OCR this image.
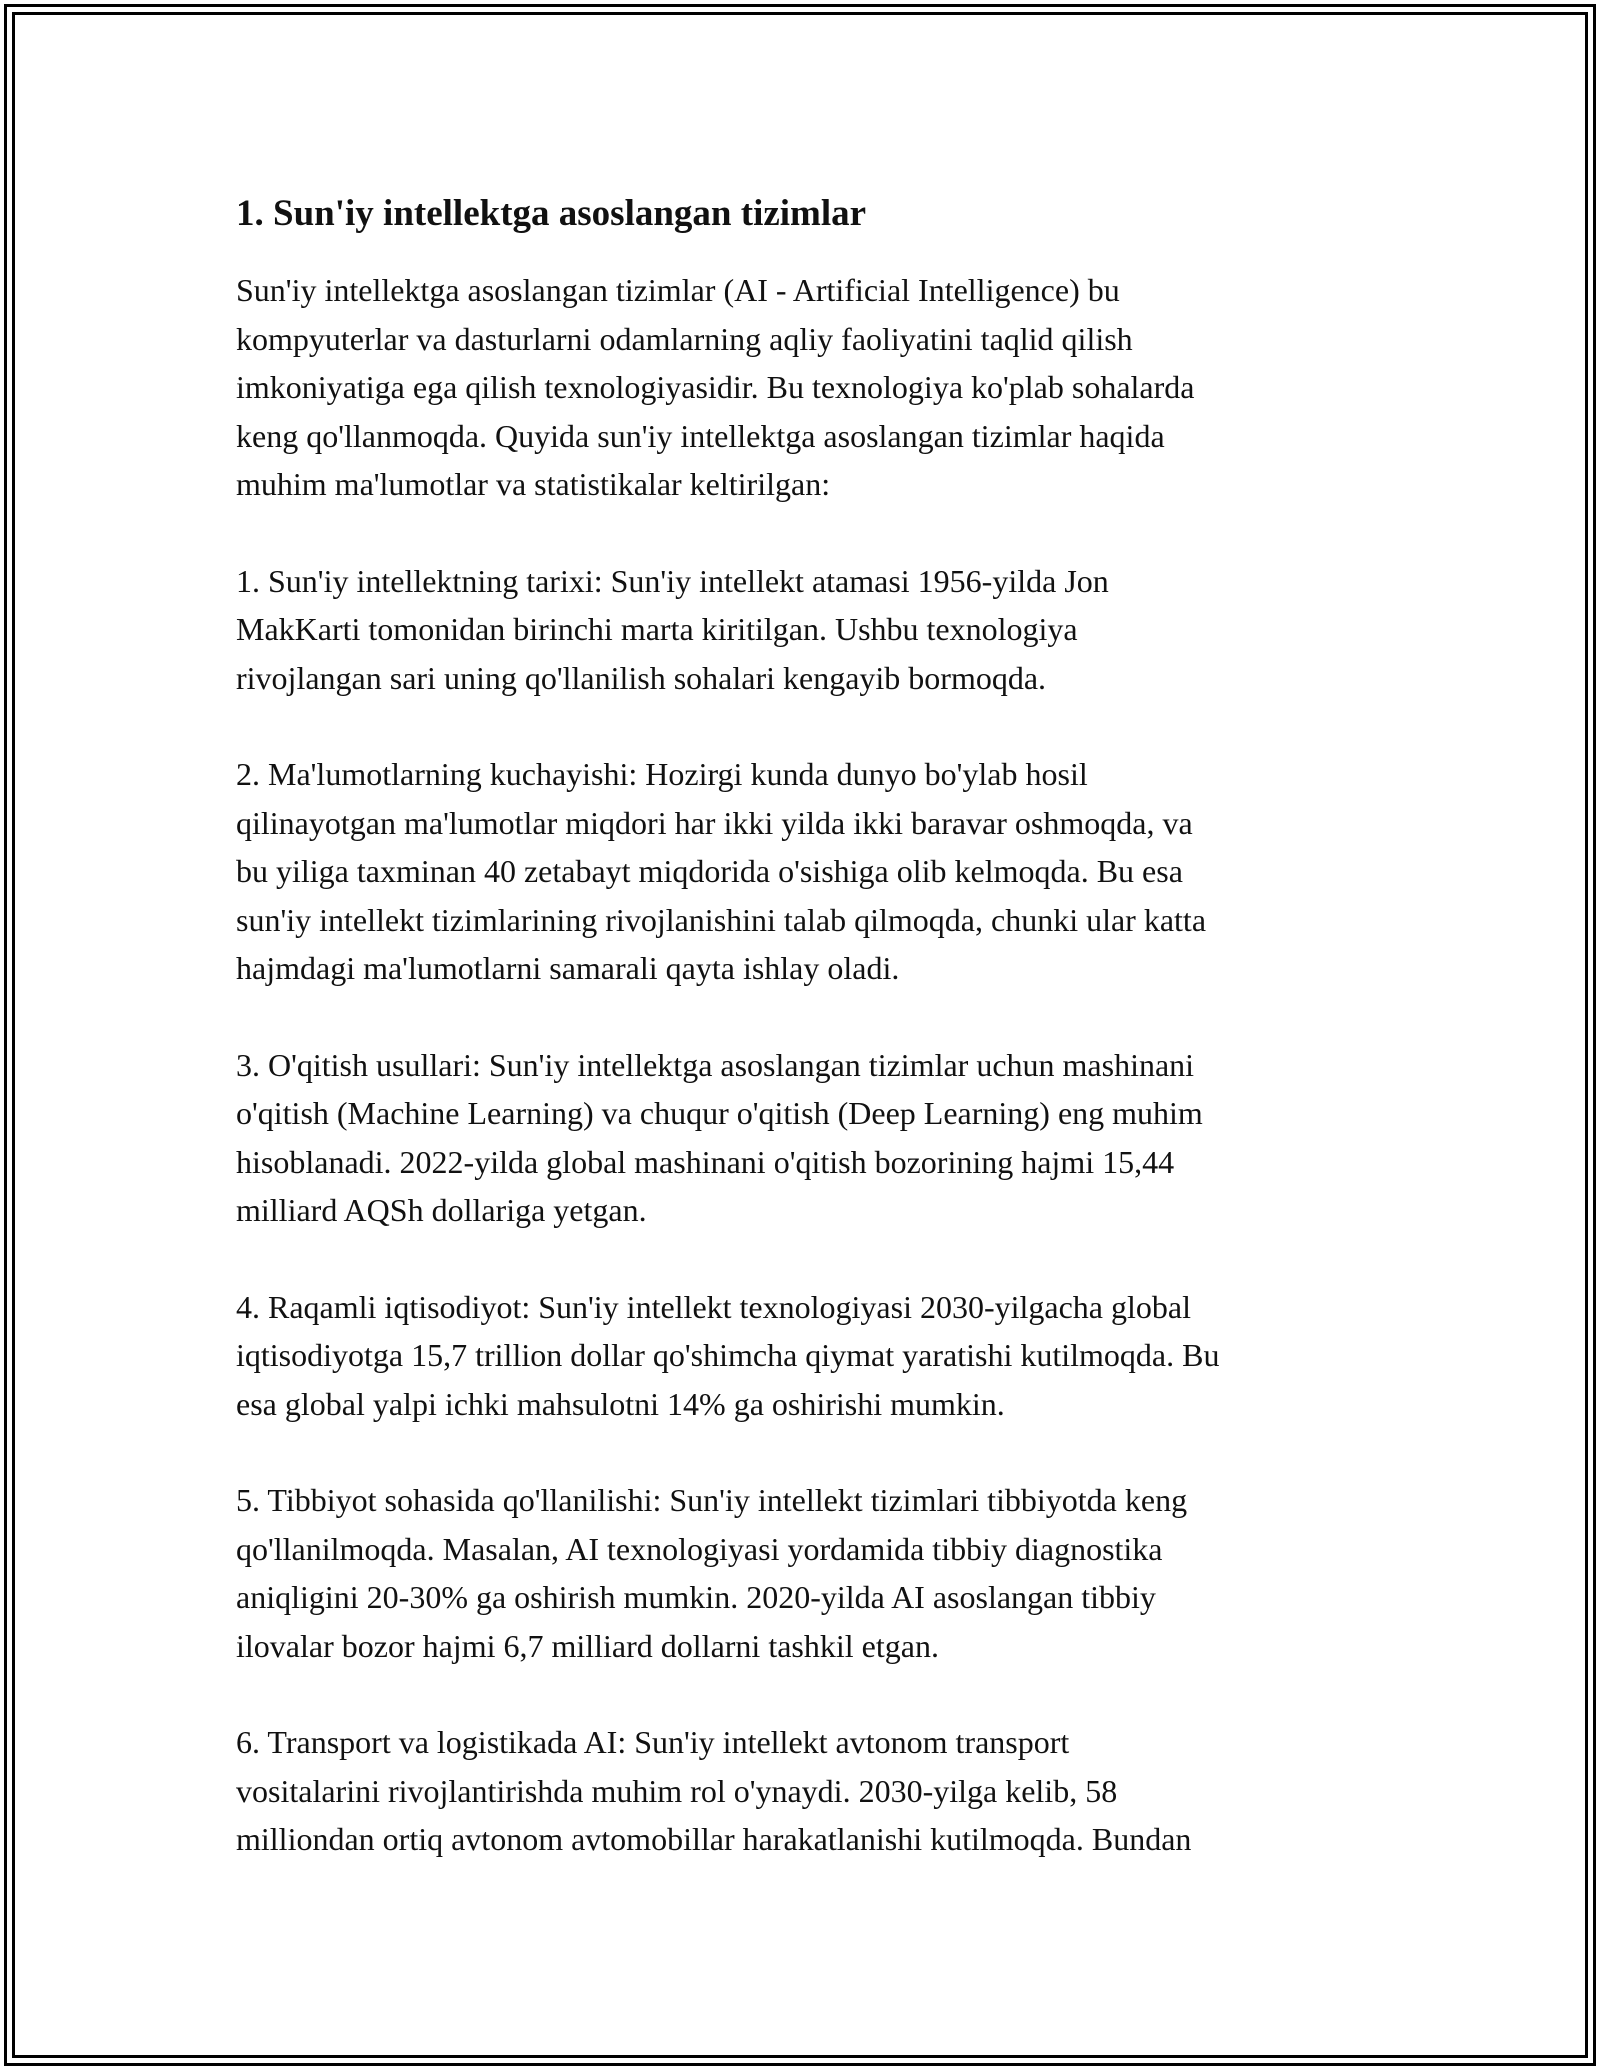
1. Sun'iy intellektga asoslangan tizimlar

Sun'iy intellektga asoslangan tizimlar (AI - Artificial Intelligence) bu
kompyuterlar va dasturlarni odamlarning aqliy faoliyatini taqlid qilish
imkoniyatiga ega qilish texnologiyasidir. Bu texnologiya ko'plab sohalarda
keng qo'llanmoqda. Quyida sun'iy intellektga asoslangan tizimlar haqida
muhim ma'lumotlar va statistikalar keltirilgan:

1. Sun'iy intellektning tarixi: Sun'iy intellekt atamasi 1956-yilda Jon
MakKarti tomonidan birinchi marta kiritilgan. Ushbu texnologiya
rivojlangan sari uning qo'llanilish sohalari kengayib bormoqda.

2. Ma'lumotlarning kuchayishi: Hozirgi kunda dunyo bo'ylab hosil
qilinayotgan ma'lumotlar miqdori har ikki yilda ikki baravar oshmoqda, va
bu yiliga taxminan 40 zetabayt miqdorida o'sishiga olib kelmoqda. Bu esa
sun'iy intellekt tizimlarining rivojlanishini talab qilmoqda, chunki ular katta
hajmdagi ma'lumotlarni samarali qayta ishlay oladi.

3. O'qitish usullari: Sun'iy intellektga asoslangan tizimlar uchun mashinani
o'qitish (Machine Learning) va chuqur o'qitish (Deep Learning) eng muhim
hisoblanadi. 2022-yilda global mashinani o'qitish bozorining hajmi 15,44
milliard AQSh dollariga yetgan.

4. Raqamli iqtisodiyot: Sun'iy intellekt texnologiyasi 2030-yilgacha global
iqtisodiyotga 15,7 trillion dollar qo'shimcha qiymat yaratishi kutilmoqda. Bu
esa global yalpi ichki mahsulotni 14% ga oshirishi mumkin.

5. Tibbiyot sohasida qo'llanilishi: Sun'iy intellekt tizimlari tibbiyotda keng
qo'llanilmoqda. Masalan, AI texnologiyasi yordamida tibbiy diagnostika
aniqligini 20-30% ga oshirish mumkin. 2020-yilda AI asoslangan tibbiy
ilovalar bozor hajmi 6,7 milliard dollarni tashkil etgan.

6. Transport va logistikada AI: Sun'iy intellekt avtonom transport
vositalarini rivojlantirishda muhim rol o'ynaydi. 2030-yilga kelib, 58
milliondan ortiq avtonom avtomobillar harakatlanishi kutilmoqda. Bundan
